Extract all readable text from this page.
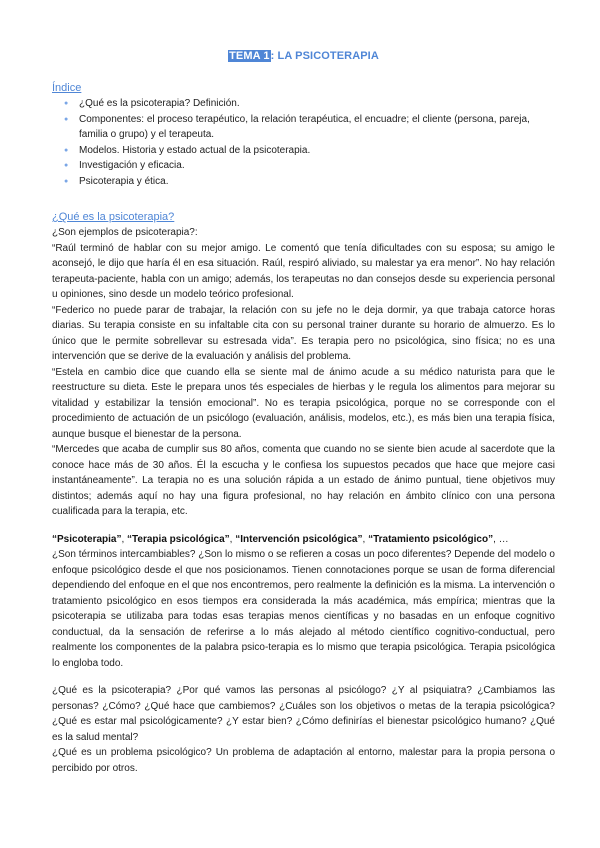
TEMA 1: LA PSICOTERAPIA
Índice
● ¿Qué es la psicoterapia? Definición.
● Componentes: el proceso terapéutico, la relación terapéutica, el encuadre; el cliente (persona, pareja, familia o grupo) y el terapeuta.
● Modelos. Historia y estado actual de la psicoterapia.
● Investigación y eficacia.
● Psicoterapia y ética.
¿Qué es la psicoterapia?

¿Son ejemplos de psicoterapia?:

“Raúl terminó de hablar con su mejor amigo. Le comentó que tenía dificultades con su esposa; su amigo le aconsejó, le dijo que haría él en esa situación. Raúl, respiró aliviado, su malestar ya era menor”. No hay relación terapeuta-paciente, habla con un amigo; además, los terapeutas no dan consejos desde su experiencia personal u opiniones, sino desde un modelo teórico profesional.

“Federico no puede parar de trabajar, la relación con su jefe no le deja dormir, ya que trabaja catorce horas diarias. Su terapia consiste en su infaltable cita con su personal trainer durante su horario de almuerzo. Es lo único que le permite sobrellevar su estresada vida”. Es terapia pero no psicológica, sino física; no es una intervención que se derive de la evaluación y análisis del problema.

“Estela en cambio dice que cuando ella se siente mal de ánimo acude a su médico naturista para que le reestructure su dieta. Este le prepara unos tés especiales de hierbas y le regula los alimentos para mejorar su vitalidad y estabilizar la tensión emocional”. No es terapia psicológica, porque no se corresponde con el procedimiento de actuación de un psicólogo (evaluación, análisis, modelos, etc.), es más bien una terapia física, aunque busque el bienestar de la persona.

“Mercedes que acaba de cumplir sus 80 años, comenta que cuando no se siente bien acude al sacerdote que la conoce hace más de 30 años. Él la escucha y le confiesa los supuestos pecados que hace que mejore casi instantáneamente”. La terapia no es una solución rápida a un estado de ánimo puntual, tiene objetivos muy distintos; además aquí no hay una figura profesional, no hay relación en ámbito clínico con una persona cualificada para la terapia, etc.

“Psicoterapia”, “Terapia psicológica”, “Intervención psicológica”, “Tratamiento psicológico”, …

¿Son términos intercambiables? ¿Son lo mismo o se refieren a cosas un poco diferentes? Depende del modelo o enfoque psicológico desde el que nos posicionamos. Tienen connotaciones porque se usan de forma diferencial dependiendo del enfoque en el que nos encontremos, pero realmente la definición es la misma. La intervención o tratamiento psicológico en esos tiempos era considerada la más académica, más empírica; mientras que la psicoterapia se utilizaba para todas esas terapias menos científicas y no basadas en un enfoque cognitivo conductual, da la sensación de referirse a lo más alejado al método científico cognitivo-conductual, pero realmente los componentes de la palabra psico-terapia es lo mismo que terapia psicológica. Terapia psicológica lo engloba todo.

¿Qué es la psicoterapia? ¿Por qué vamos las personas al psicólogo? ¿Y al psiquiatra? ¿Cambiamos las personas? ¿Cómo? ¿Qué hace que cambiemos? ¿Cuáles son los objetivos o metas de la terapia psicológica? ¿Qué es estar mal psicológicamente? ¿Y estar bien? ¿Cómo definirías el bienestar psicológico humano? ¿Qué es la salud mental?

¿Qué es un problema psicológico? Un problema de adaptación al entorno, malestar para la propia persona o percibido por otros.
